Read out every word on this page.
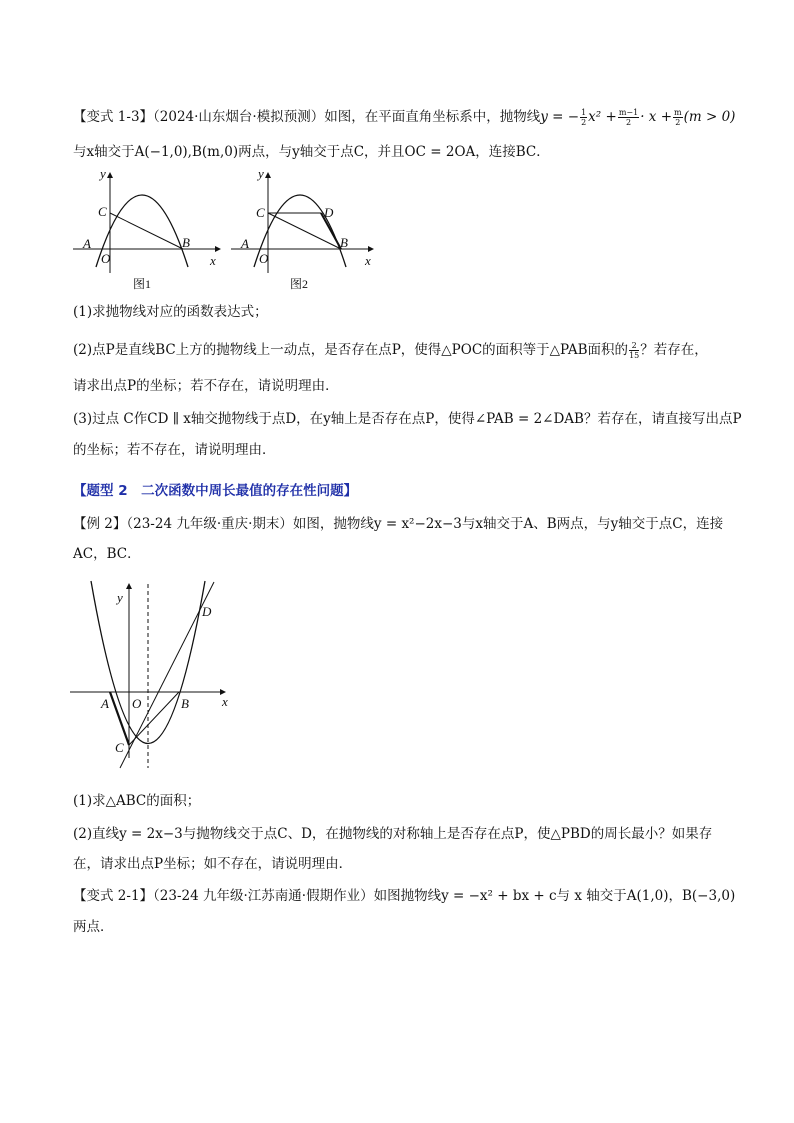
【变式 1-3】（2024·山东烟台·模拟预测）如图，在平面直角坐标系中，抛物线y = − $\frac{1}{2} x^2 + \frac{m-1}{2} \cdot x + \frac{m}{2} (m > 0)$
与x轴交于A(−1,0),B(m,0)两点，与y轴交于点C，并且OC = 2OA，连接BC．
y
x
C
A
O
B
图1
y
x
C	D
A
O
B
图2
(1)求抛物线对应的函数表达式；
(2)点P是直线BC上方的抛物线上一动点，是否存在点P，使得△POC的面积等于△PAB面积的 $\frac{2}{15}$ ？若存在，
请求出点P的坐标；若不存在，请说明理由．
(3)过点 C作CD ∥ x轴交抛物线于点D，在y轴上是否存在点P，使得∠PAB = 2∠DAB？若存在，请直接写出点P
的坐标；若不存在，请说明理由．
【题型 2　二次函数中周长最值的存在性问题】
【例 2】（23-24 九年级·重庆·期末）如图，抛物线y = x²−2x−3与x轴交于A、B两点，与y轴交于点C，连接
AC，BC．
y
x
A O	B
C
D
(1)求△ABC的面积；
(2)直线y = 2x−3与抛物线交于点C、D，在抛物线的对称轴上是否存在点P，使△PBD的周长最小？如果存
在，请求出点P坐标；如不存在，请说明理由．
【变式 2-1】（23-24 九年级·江苏南通·假期作业）如图抛物线y = −x² + bx + c与 x 轴交于A(1,0)，B(−3,0)
两点．
